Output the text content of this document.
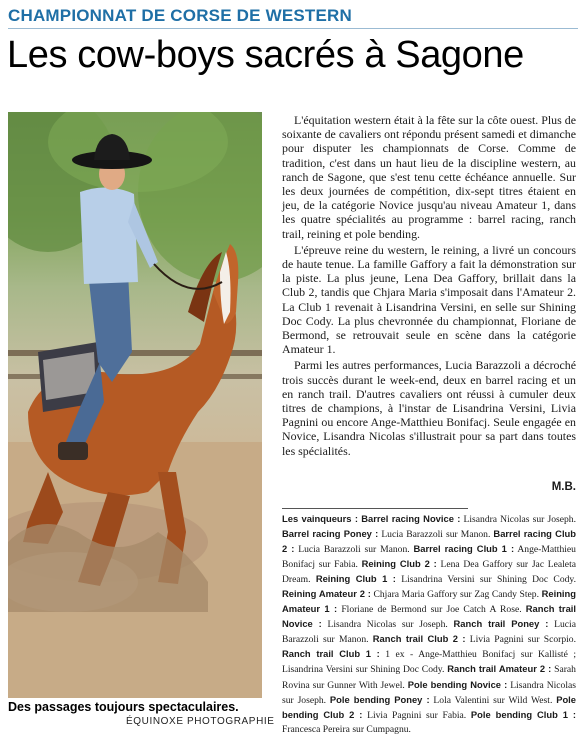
CHAMPIONNAT DE CORSE DE WESTERN
Les cow-boys sacrés à Sagone
Des passages toujours spectaculaires.
ÉQUINOXE PHOTOGRAPHIE

L'équitation western était à la fête sur la côte ouest. Plus de soixante de cavaliers ont répondu présent samedi et dimanche pour disputer les championnats de Corse. Comme de tradition, c'est dans un haut lieu de la discipline western, au ranch de Sagone, que s'est tenu cette échéance annuelle. Sur les deux journées de compétition, dix-sept titres étaient en jeu, de la catégorie Novice jusqu'au niveau Amateur 1, dans les quatre spécialités au programme : barrel racing, ranch trail, reining et pole bending.

L'épreuve reine du western, le reining, a livré un concours de haute tenue. La famille Gaffory a fait la démonstration sur la piste. La plus jeune, Lena Dea Gaffory, brillait dans la Club 2, tandis que Chjara Maria s'imposait dans l'Amateur 2. La Club 1 revenait à Lisandrina Versini, en selle sur Shining Doc Cody. La plus chevronnée du championnat, Floriane de Bermond, se retrouvait seule en scène dans la catégorie Amateur 1.

Parmi les autres performances, Lucia Barazzoli a décroché trois succès durant le week-end, deux en barrel racing et un en ranch trail. D'autres cavaliers ont réussi à cumuler deux titres de champions, à l'instar de Lisandrina Versini, Livia Pagnini ou encore Ange-Matthieu Bonifacj. Seule engagée en Novice, Lisandra Nicolas s'illustrait pour sa part dans toutes les spécialités.

M.B.
Les vainqueurs : Barrel racing Novice : Lisandra Nicolas sur Joseph. Barrel racing Poney : Lucia Barazzoli sur Manon. Barrel racing Club 2 : Lucia Barazzoli sur Manon. Barrel racing Club 1 : Ange-Matthieu Bonifacj sur Fabia. Reining Club 2 : Lena Dea Gaffory sur Jac Lealeta Dream. Reining Club 1 : Lisandrina Versini sur Shining Doc Cody. Reining Amateur 2 : Chjara Maria Gaffory sur Zag Candy Step. Reining Amateur 1 : Floriane de Bermond sur Joe Catch A Rose. Ranch trail Novice : Lisandra Nicolas sur Joseph. Ranch trail Poney : Lucia Barazzoli sur Manon. Ranch trail Club 2 : Livia Pagnini sur Scorpio. Ranch trail Club 1 : 1 ex - Ange-Matthieu Bonifacj sur Kallisté ; Lisandrina Versini sur Shining Doc Cody. Ranch trail Amateur 2 : Sarah Rovina sur Gunner With Jewel. Pole bending Novice : Lisandra Nicolas sur Joseph. Pole bending Poney : Lola Valentini sur Wild West. Pole bending Club 2 : Livia Pagnini sur Fabia. Pole bending Club 1 : Francesca Pereira sur Cumpagnu.
